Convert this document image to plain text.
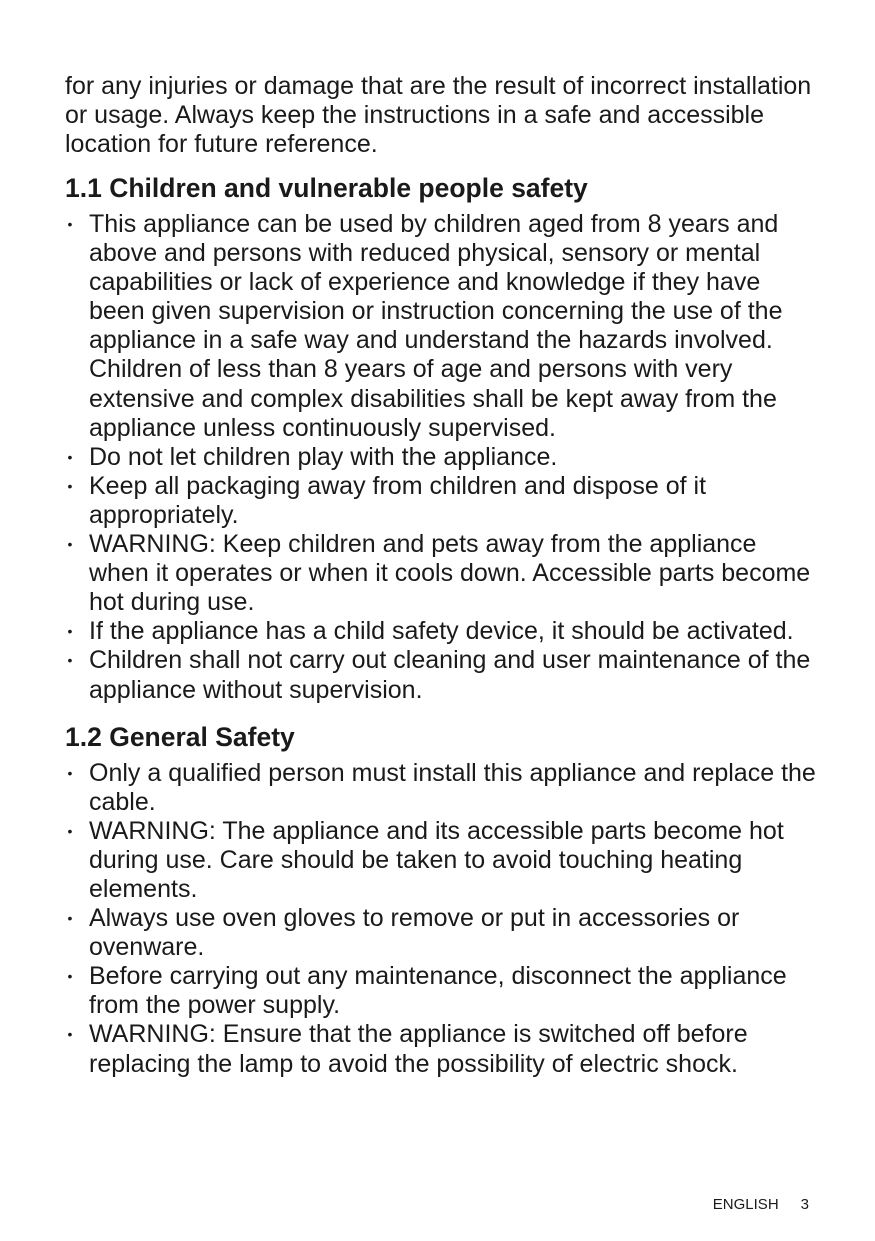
for any injuries or damage that are the result of incorrect installation or usage. Always keep the instructions in a safe and accessible location for future reference.

1.1 Children and vulnerable people safety
• This appliance can be used by children aged from 8 years and above and persons with reduced physical, sensory or mental capabilities or lack of experience and knowledge if they have been given supervision or instruction concerning the use of the appliance in a safe way and understand the hazards involved. Children of less than 8 years of age and persons with very extensive and complex disabilities shall be kept away from the appliance unless continuously supervised.
• Do not let children play with the appliance.
• Keep all packaging away from children and dispose of it appropriately.
• WARNING: Keep children and pets away from the appliance when it operates or when it cools down. Accessible parts become hot during use.
• If the appliance has a child safety device, it should be activated.
• Children shall not carry out cleaning and user maintenance of the appliance without supervision.
1.2 General Safety
• Only a qualified person must install this appliance and replace the cable.
• WARNING: The appliance and its accessible parts become hot during use. Care should be taken to avoid touching heating elements.
• Always use oven gloves to remove or put in accessories or ovenware.
• Before carrying out any maintenance, disconnect the appliance from the power supply.
• WARNING: Ensure that the appliance is switched off before replacing the lamp to avoid the possibility of electric shock.
ENGLISH 3
